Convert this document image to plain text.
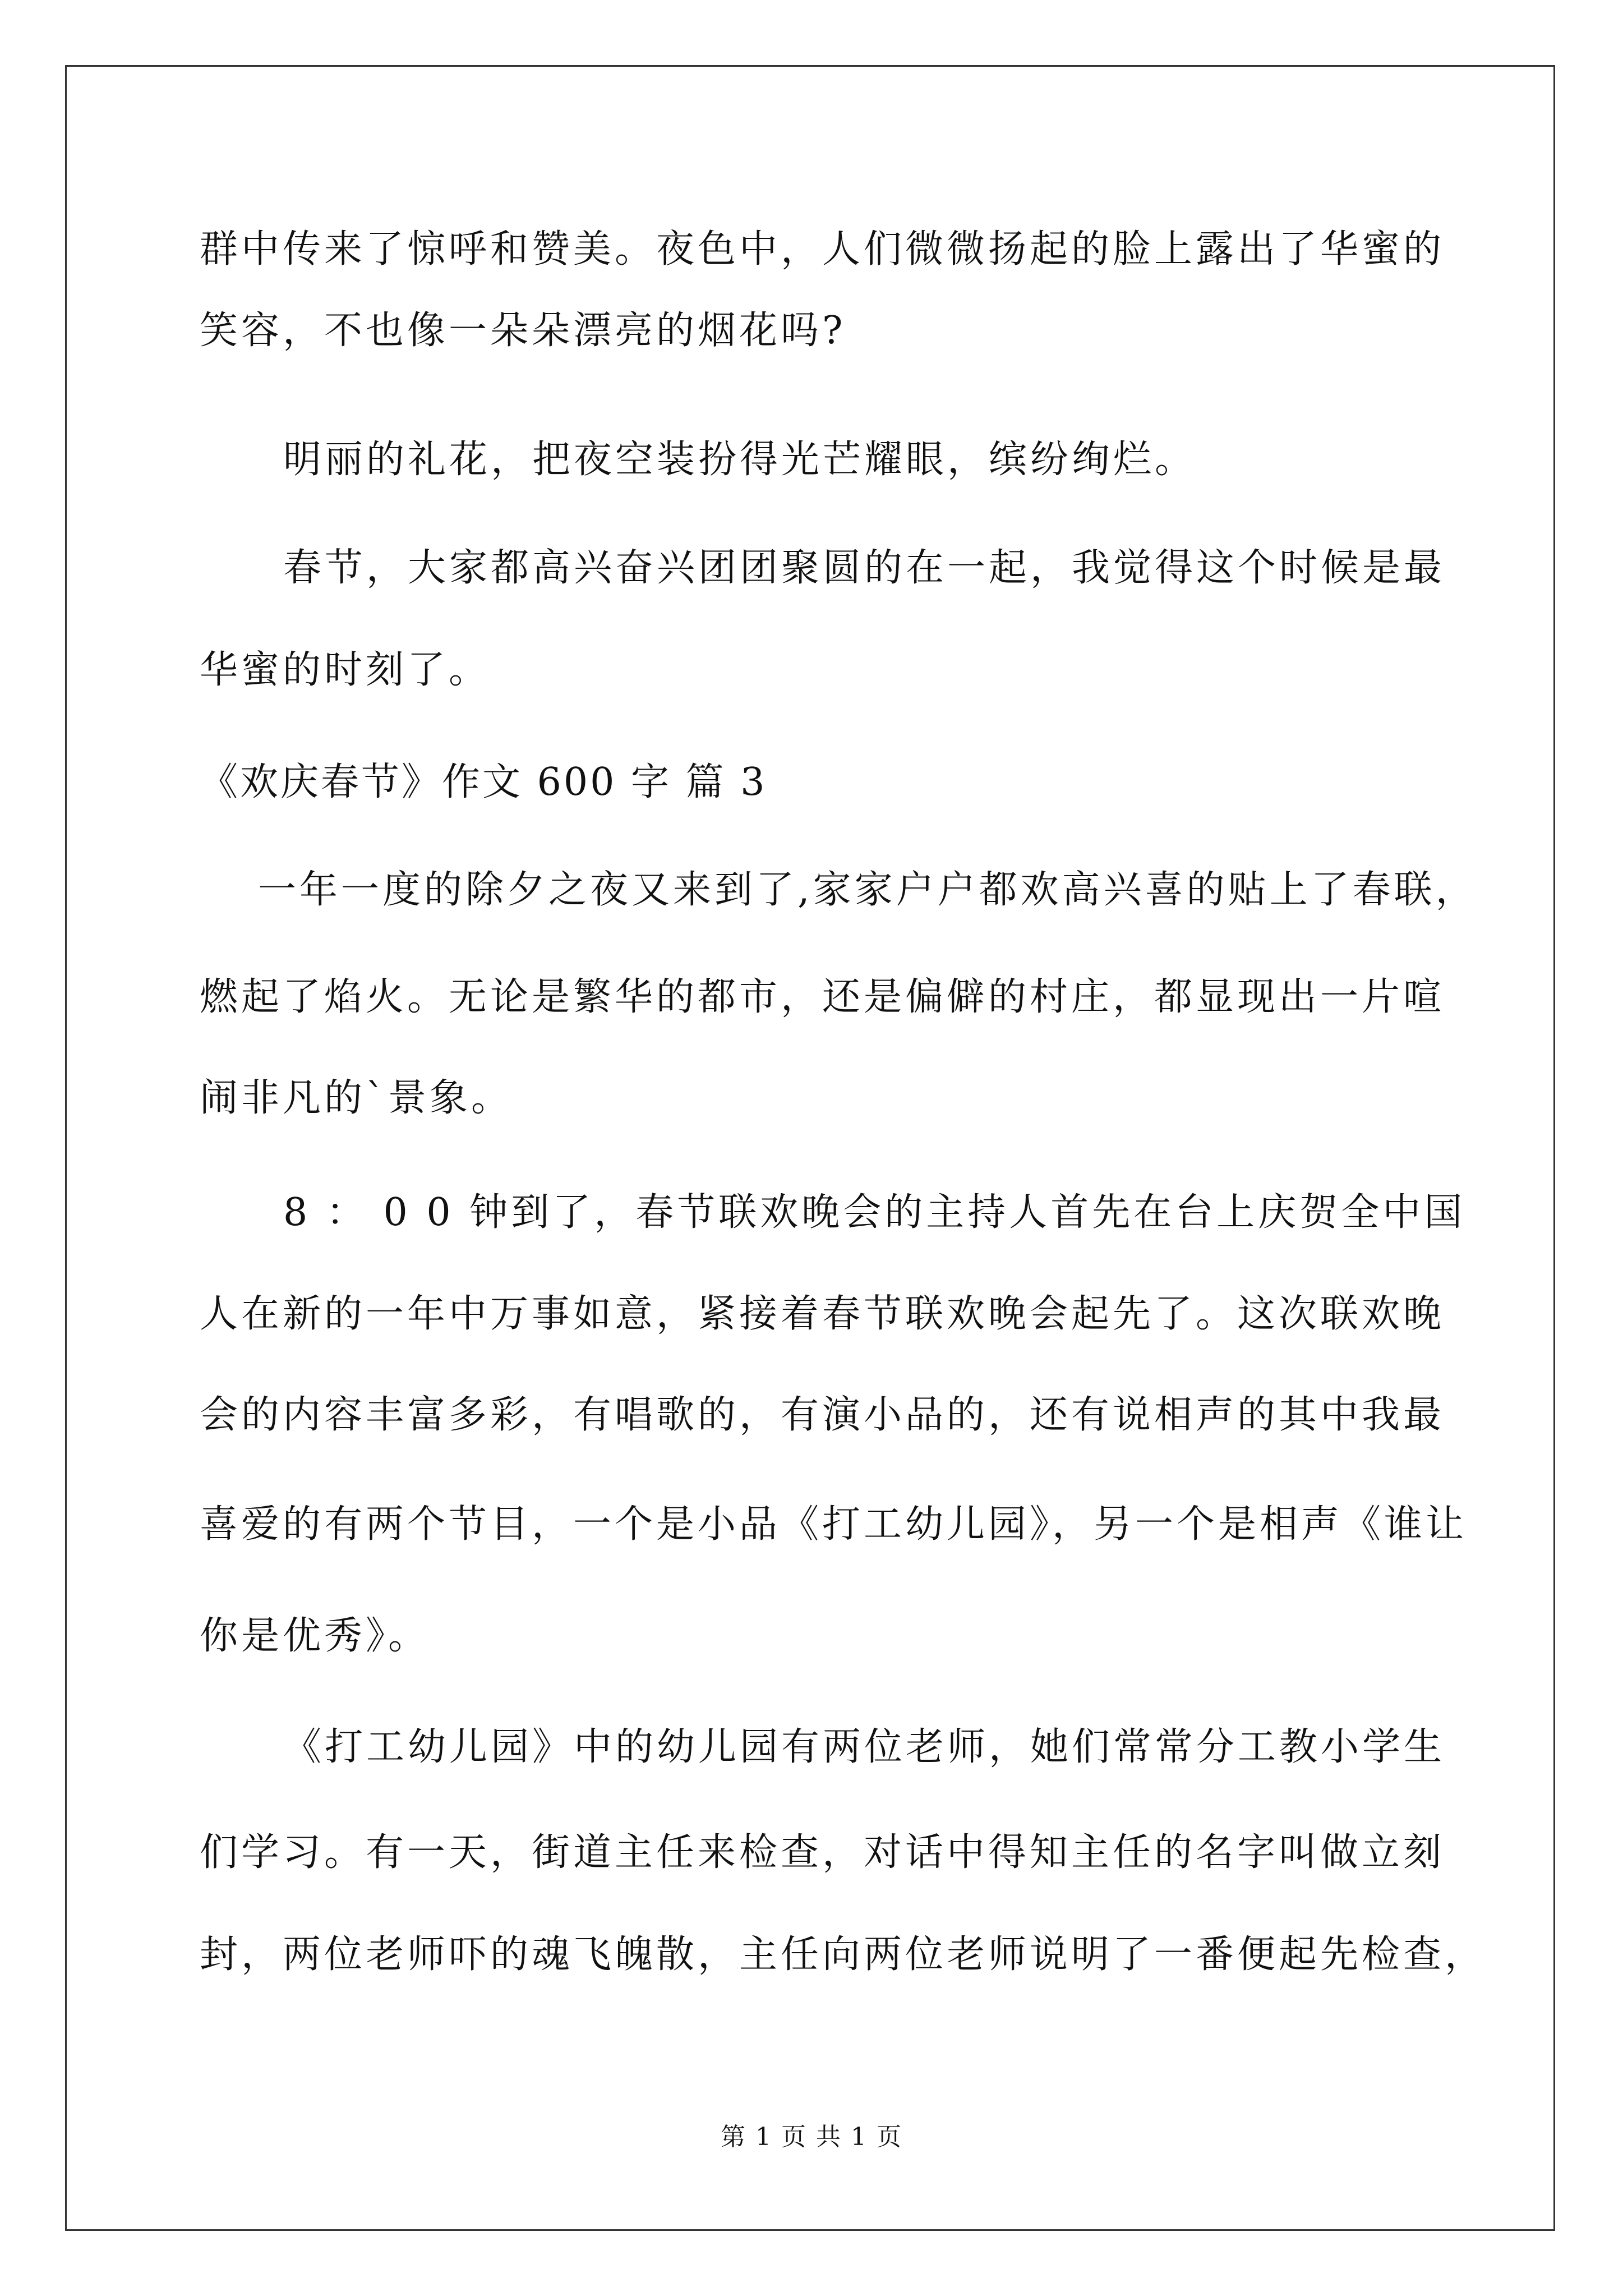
群中传来了惊呼和赞美。夜色中，人们微微扬起的脸上露出了华蜜的
笑容，不也像一朵朵漂亮的烟花吗?
明丽的礼花，把夜空装扮得光芒耀眼，缤纷绚烂。
春节，大家都高兴奋兴团团聚圆的在一起，我觉得这个时候是最
华蜜的时刻了。
《欢庆春节》作文 600 字 篇 3
一年一度的除夕之夜又来到了,家家户户都欢高兴喜的贴上了春联，
燃起了焰火。无论是繁华的都市，还是偏僻的村庄，都显现出一片喧
闹非凡的`景象。
8 ： 0 0 钟到了，春节联欢晚会的主持人首先在台上庆贺全中国
人在新的一年中万事如意，紧接着春节联欢晚会起先了。这次联欢晚
会的内容丰富多彩，有唱歌的，有演小品的，还有说相声的其中我最
喜爱的有两个节目，一个是小品《打工幼儿园》，另一个是相声《谁让
你是优秀》。
《打工幼儿园》中的幼儿园有两位老师，她们常常分工教小学生
们学习。有一天，街道主任来检查，对话中得知主任的名字叫做立刻
封，两位老师吓的魂飞魄散，主任向两位老师说明了一番便起先检查，
第 1 页 共 1 页
